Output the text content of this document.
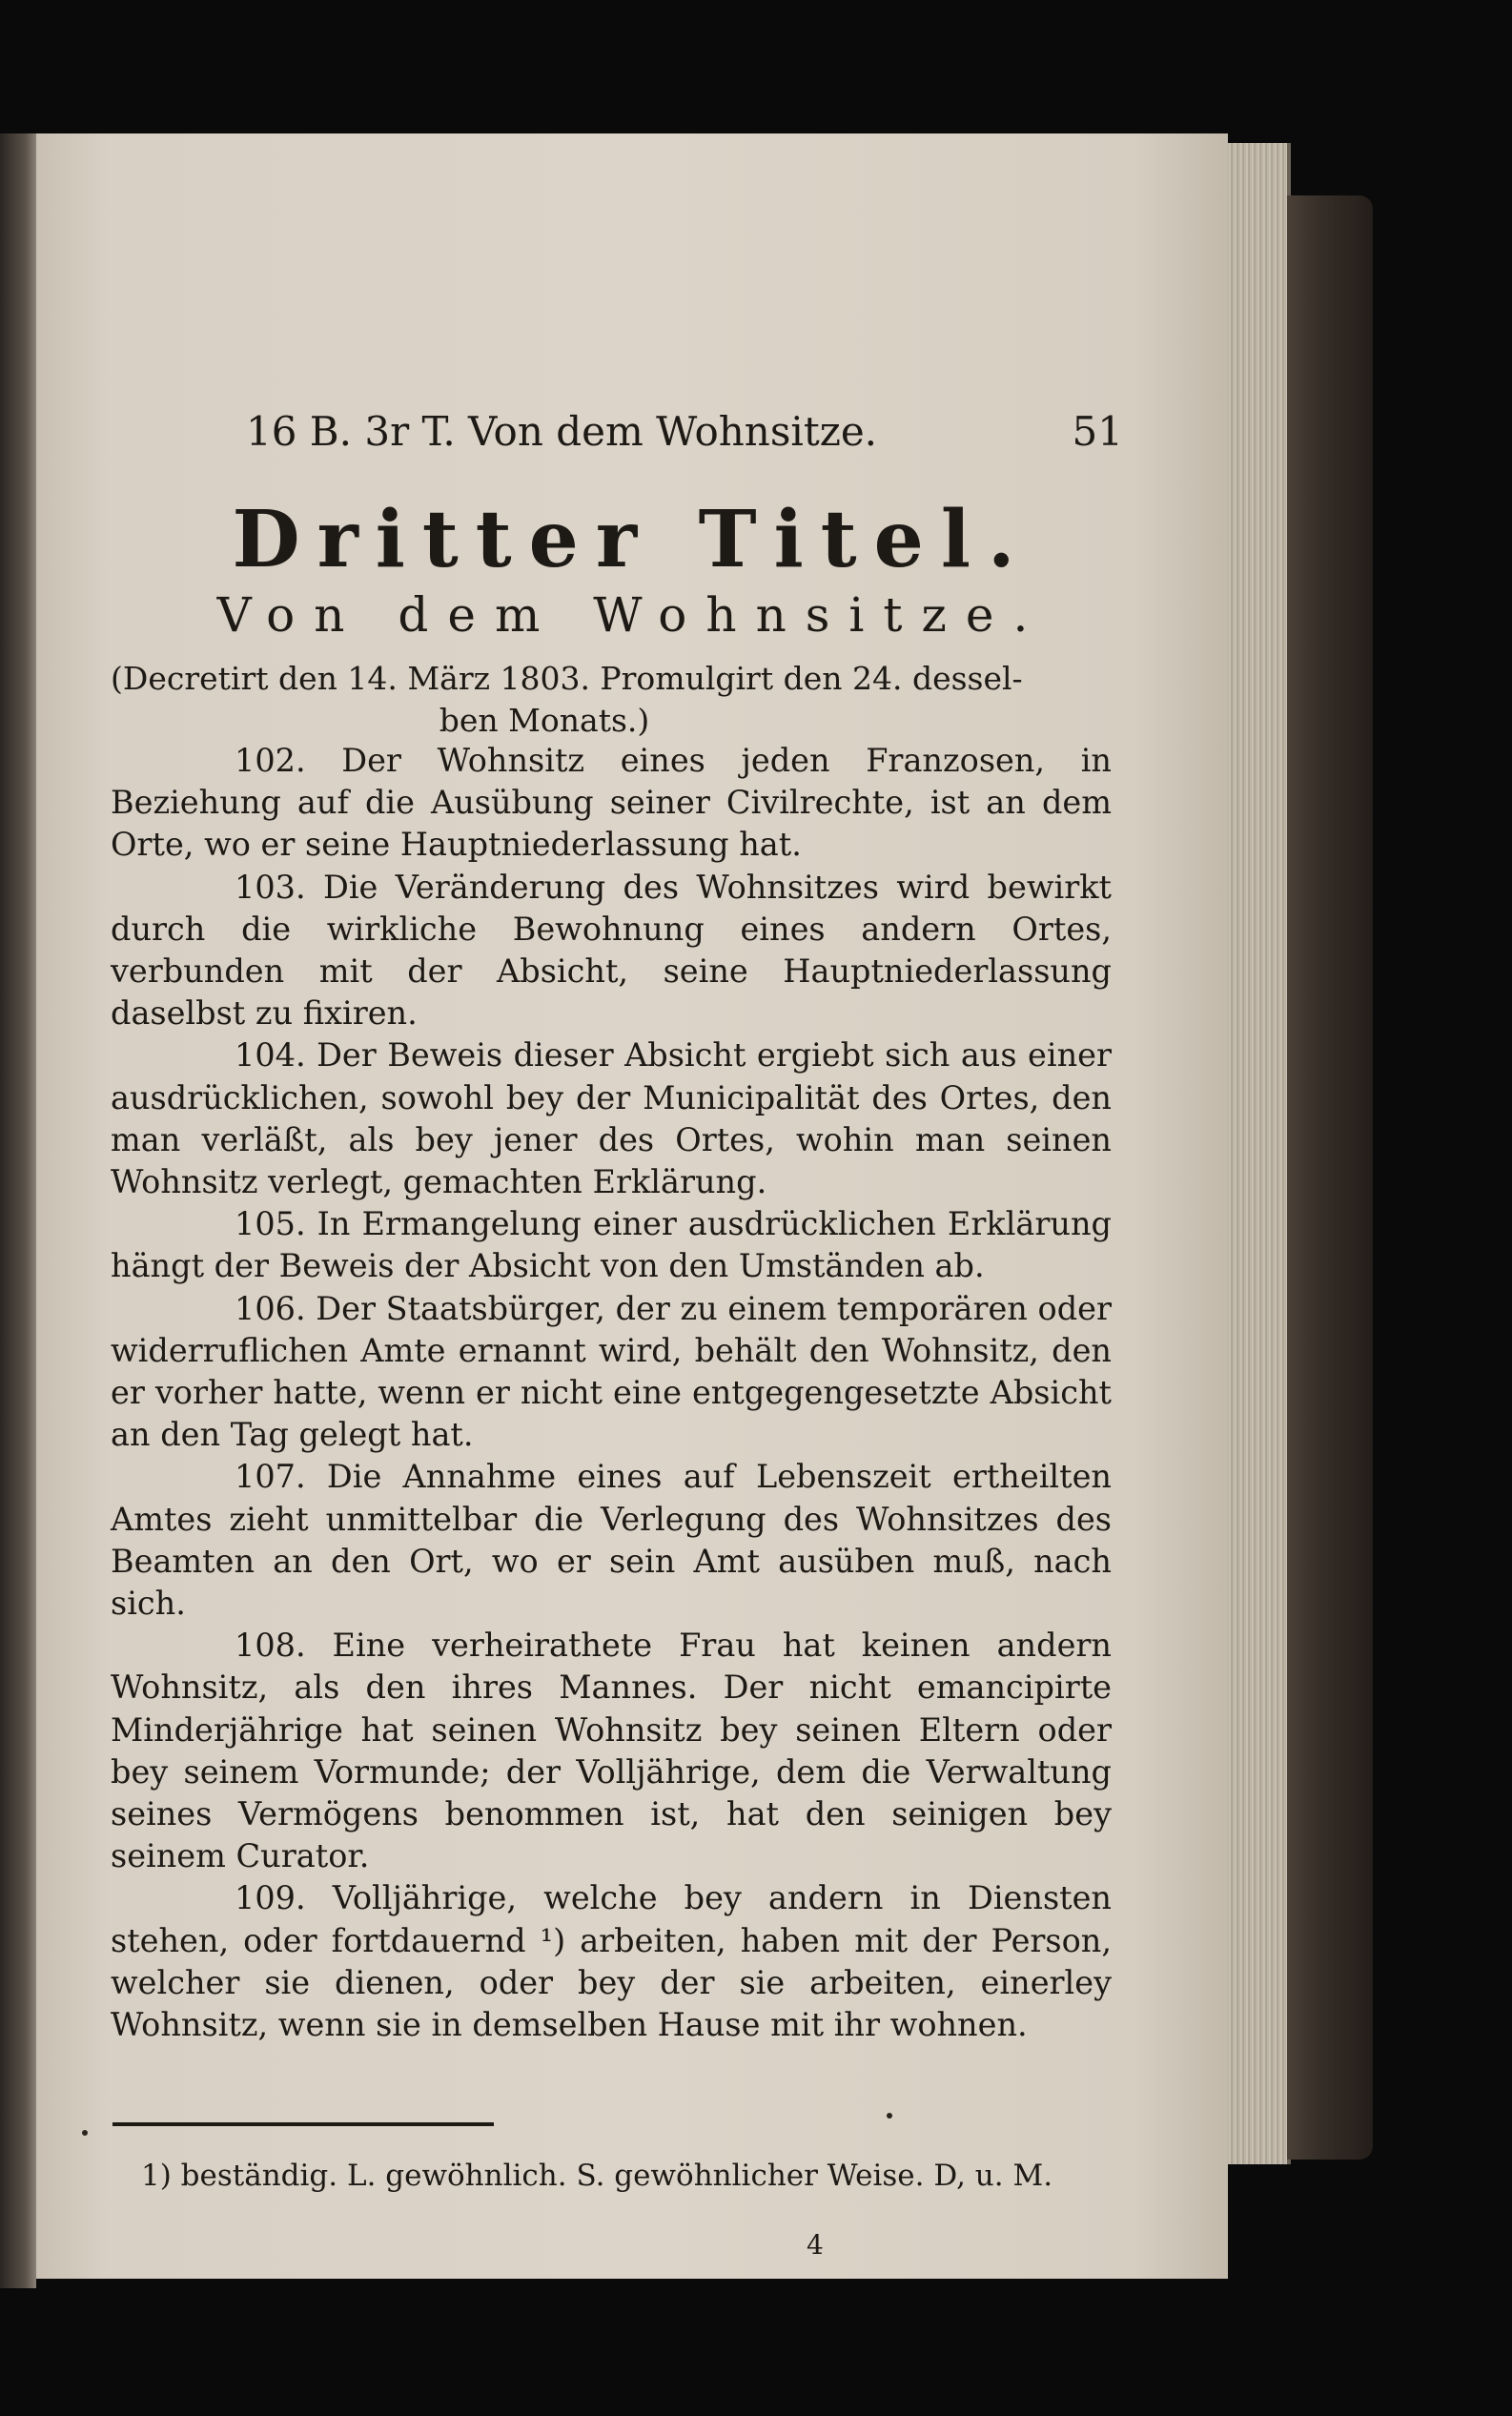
16 B. 3r T. Von dem Wohnsitze.	51
Dritter Titel.
Von dem Wohnsitze.
(Decretirt den 14. März 1803. Promulgirt den 24. dessel-
ben Monats.)

102. Der Wohnsitz eines jeden Franzosen, in Beziehung auf die Ausübung seiner Civilrechte, ist an dem Orte, wo er seine Hauptniederlassung hat.

103. Die Veränderung des Wohnsitzes wird bewirkt durch die wirkliche Bewohnung eines andern Ortes, verbunden mit der Absicht, seine Hauptniederlassung daselbst zu fixiren.

104. Der Beweis dieser Absicht ergiebt sich aus einer ausdrücklichen, sowohl bey der Municipalität des Ortes, den man verläßt, als bey jener des Ortes, wohin man seinen Wohnsitz verlegt, gemachten Erklärung.

105. In Ermangelung einer ausdrücklichen Erklärung hängt der Beweis der Absicht von den Umständen ab.

106. Der Staatsbürger, der zu einem temporären oder widerruflichen Amte ernannt wird, behält den Wohnsitz, den er vorher hatte, wenn er nicht eine entgegengesetzte Absicht an den Tag gelegt hat.

107. Die Annahme eines auf Lebenszeit ertheilten Amtes zieht unmittelbar die Verlegung des Wohnsitzes des Beamten an den Ort, wo er sein Amt ausüben muß, nach sich.

108. Eine verheirathete Frau hat keinen andern Wohnsitz, als den ihres Mannes. Der nicht emancipirte Minderjährige hat seinen Wohnsitz bey seinen Eltern oder bey seinem Vormunde; der Volljährige, dem die Verwaltung seines Vermögens benommen ist, hat den seinigen bey seinem Curator.

109. Volljährige, welche bey andern in Diensten stehen, oder fortdauernd ¹) arbeiten, haben mit der Person, welcher sie dienen, oder bey der sie arbeiten, einerley Wohnsitz, wenn sie in demselben Hause mit ihr wohnen.

1) beständig. L. gewöhnlich. S. gewöhnlicher Weise. D, u. M.
4
